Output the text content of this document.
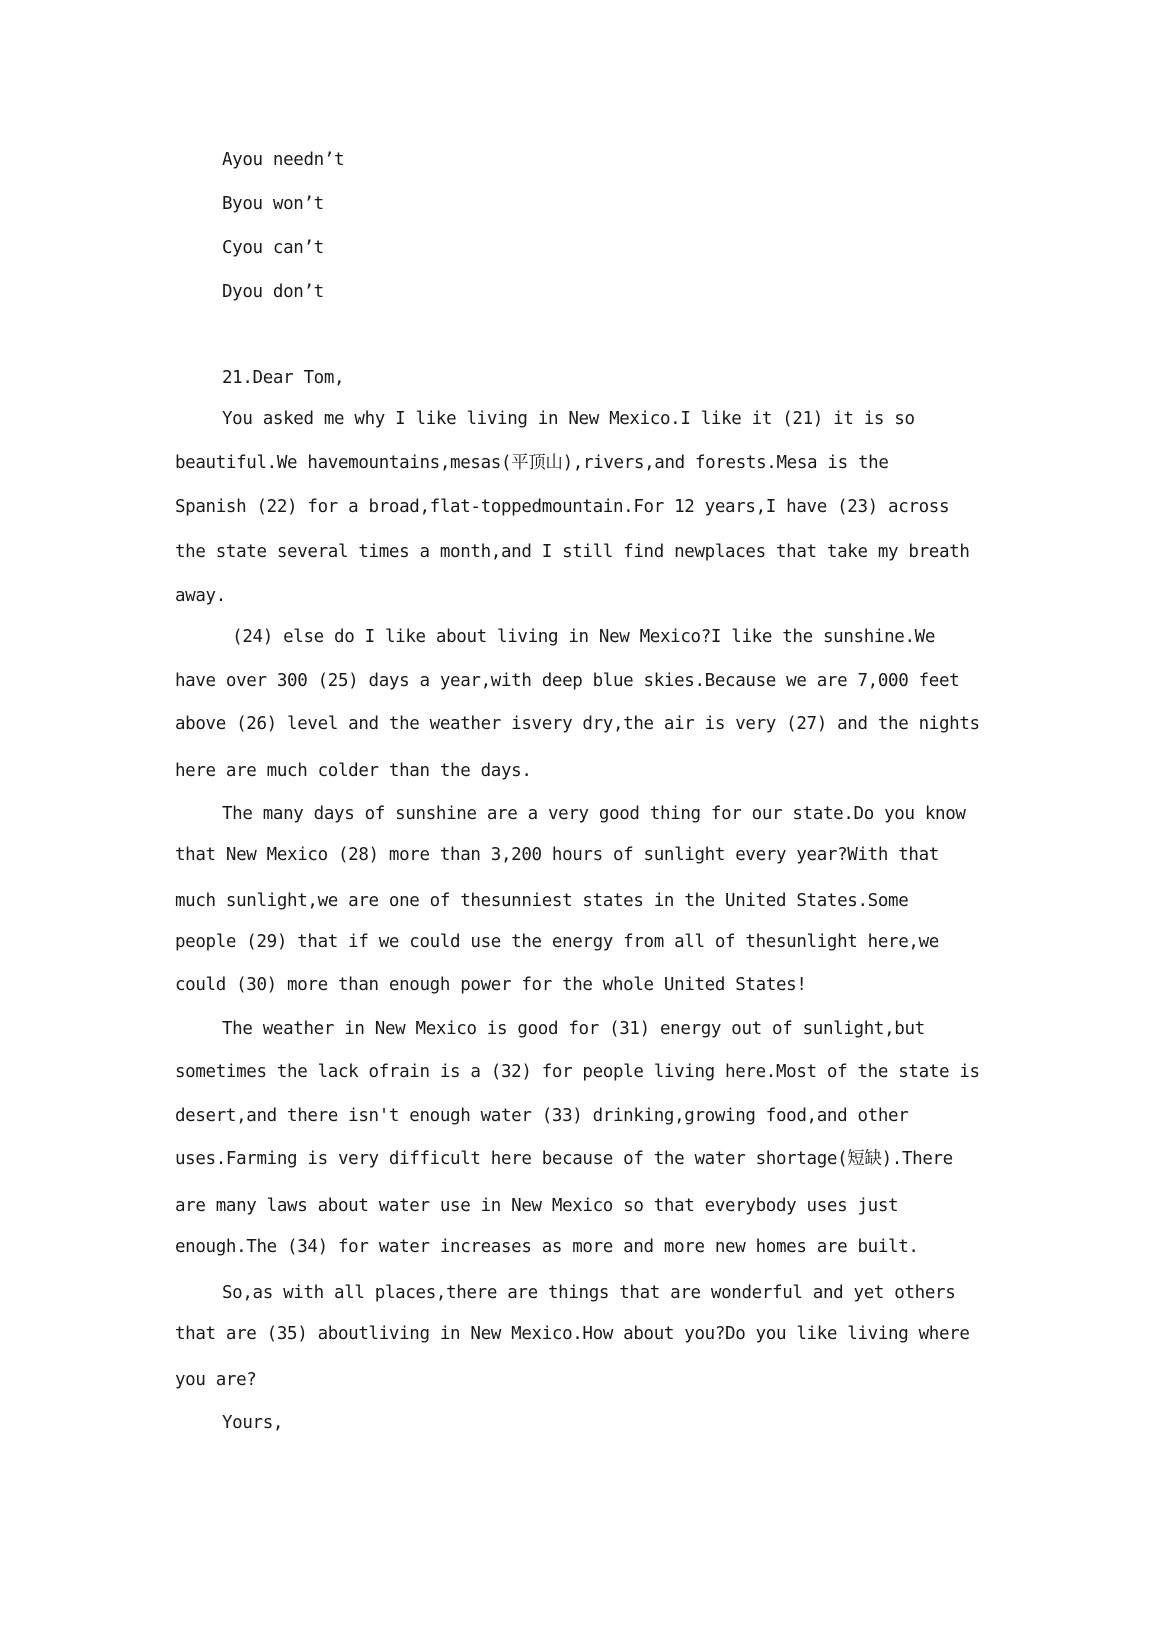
Ayou needn’t
Byou won’t
Cyou can’t
Dyou don’t
21.Dear Tom,
You asked me why I like living in New Mexico.I like it (21) it is so
beautiful.We havemountains,mesas(平顶山),rivers,and forests.Mesa is the
Spanish (22) for a broad,flat-toppedmountain.For 12 years,I have (23) across
the state several times a month,and I still find newplaces that take my breath
away.
(24) else do I like about living in New Mexico?I like the sunshine.We
have over 300 (25) days a year,with deep blue skies.Because we are 7,000 feet
above (26) level and the weather isvery dry,the air is very (27) and the nights
here are much colder than the days.
The many days of sunshine are a very good thing for our state.Do you know
that New Mexico (28) more than 3,200 hours of sunlight every year?With that
much sunlight,we are one of thesunniest states in the United States.Some
people (29) that if we could use the energy from all of thesunlight here,we
could (30) more than enough power for the whole United States!
The weather in New Mexico is good for (31) energy out of sunlight,but
sometimes the lack ofrain is a (32) for people living here.Most of the state is
desert,and there isn't enough water (33) drinking,growing food,and other
uses.Farming is very difficult here because of the water shortage(短缺).There
are many laws about water use in New Mexico so that everybody uses just
enough.The (34) for water increases as more and more new homes are built.
So,as with all places,there are things that are wonderful and yet others
that are (35) aboutliving in New Mexico.How about you?Do you like living where
you are?
Yours,
